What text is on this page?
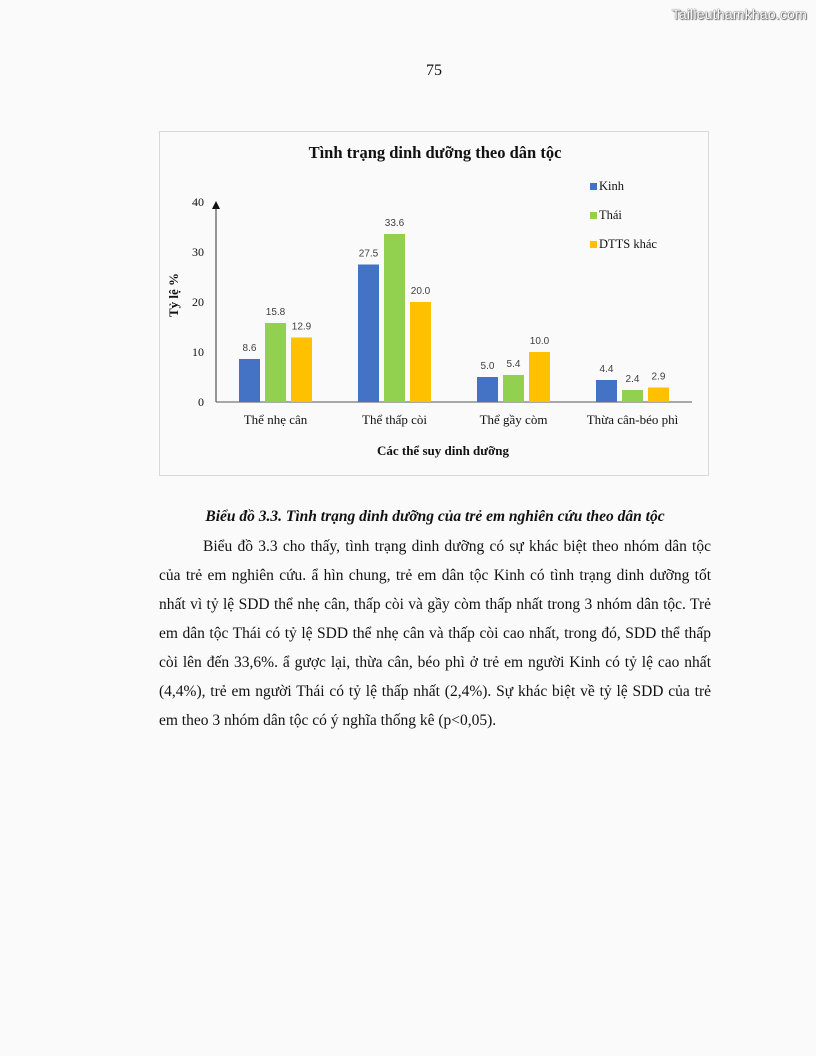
Tailieuthamkhao.com
75
Tình trạng dinh dưỡng theo dân tộc
Tỷ lệ %
Các thể suy dinh dưỡng
0
10
20
30
40
Thể nhẹ cân
8.6
15.8
12.9
Thể thấp còi
27.5
33.6
20.0
Thể gầy còm
5.0 5.4
10.0
Thừa cân-béo phì
4.4
2.4 2.9
Kinh
Thái
DTTS khác
Biểu đồ 3.3. Tình trạng dinh dưỡng của trẻ em nghiên cứu theo dân tộc

Biểu đồ 3.3 cho thấy, tình trạng dinh dưỡng có sự khác biệt theo nhóm dân tộc của trẻ em nghiên cứu. ẩ hìn chung, trẻ em dân tộc Kinh có tình trạng dinh dưỡng tốt nhất vì tỷ lệ SDD thể nhẹ cân, thấp còi và gầy còm thấp nhất trong 3 nhóm dân tộc. Trẻ em dân tộc Thái có tỷ lệ SDD thể nhẹ cân và thấp còi cao nhất, trong đó, SDD thể thấp còi lên đến 33,6%. ẩ gược lại, thừa cân, béo phì ở trẻ em người Kinh có tỷ lệ cao nhất (4,4%), trẻ em người Thái có tỷ lệ thấp nhất (2,4%). Sự khác biệt về tỷ lệ SDD của trẻ em theo 3 nhóm dân tộc có ý nghĩa thống kê (p<0,05).
